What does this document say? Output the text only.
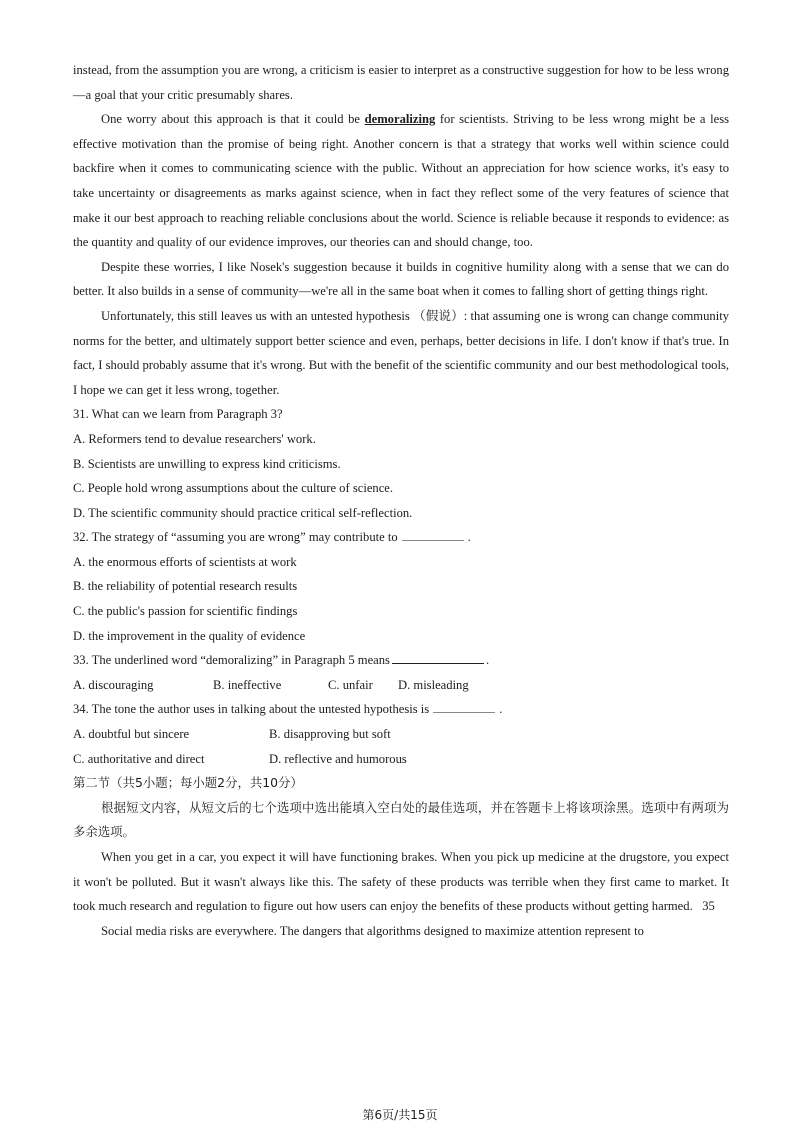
instead, from the assumption you are wrong, a criticism is easier to interpret as a constructive suggestion for how to be less wrong—a goal that your critic presumably shares.

One worry about this approach is that it could be demoralizing for scientists. Striving to be less wrong might be a less effective motivation than the promise of being right. Another concern is that a strategy that works well within science could backfire when it comes to communicating science with the public. Without an appreciation for how science works, it's easy to take uncertainty or disagreements as marks against science, when in fact they reflect some of the very features of science that make it our best approach to reaching reliable conclusions about the world. Science is reliable because it responds to evidence: as the quantity and quality of our evidence improves, our theories can and should change, too.

Despite these worries, I like Nosek's suggestion because it builds in cognitive humility along with a sense that we can do better. It also builds in a sense of community—we're all in the same boat when it comes to falling short of getting things right.

Unfortunately, this still leaves us with an untested hypothesis （假说）: that assuming one is wrong can change community norms for the better, and ultimately support better science and even, perhaps, better decisions in life. I don't know if that's true. In fact, I should probably assume that it's wrong. But with the benefit of the scientific community and our best methodological tools, I hope we can get it less wrong, together.

31. What can we learn from Paragraph 3?

A. Reformers tend to devalue researchers' work.

B. Scientists are unwilling to express kind criticisms.

C. People hold wrong assumptions about the culture of science.

D. The scientific community should practice critical self-reflection.

32. The strategy of “assuming you are wrong” may contribute to	.

A. the enormous efforts of scientists at work

B. the reliability of potential research results

C. the public's passion for scientific findings

D. the improvement in the quality of evidence

33. The underlined word “demoralizing” in Paragraph 5 means	.

A. discouraging	B. ineffective	C. unfair	D. misleading

34. The tone the author uses in talking about the untested hypothesis is	.

A. doubtful but sincere	B. disapproving but soft
C. authoritative and direct	D. reflective and humorous

第二节（共5小题；每小题2分，共10分）

根据短文内容，从短文后的七个选项中选出能填入空白处的最佳选项，并在答题卡上将该项涂黑。选项中有两项为多余选项。

When you get in a car, you expect it will have functioning brakes. When you pick up medicine at the drugstore, you expect it won't be polluted. But it wasn't always like this. The safety of these products was terrible when they first came to market. It took much research and regulation to figure out how users can enjoy the benefits of these products without getting harmed. 35

Social media risks are everywhere. The dangers that algorithms designed to maximize attention represent to

第6页/共15页
